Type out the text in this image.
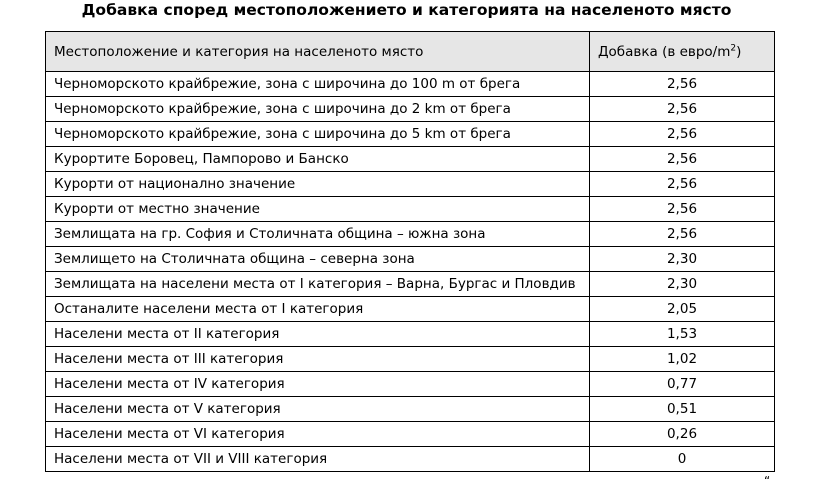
Добавка според местоположението и категорията на населеното място
Местоположение и категория на населеното място	Добавка (в евро/$m^2$)
Черноморското крайбрежие, зона с широчина до 100 m от брега	2,56
Черноморското крайбрежие, зона с широчина до 2 km от брега	2,56
Черноморското крайбрежие, зона с широчина до 5 km от брега	2,56
Курортите Боровец, Пампорово и Банско	2,56
Курорти от национално значение	2,56
Курорти от местно значение	2,56
Землищата на гр. София и Столичната община – южна зона	2,56
Землището на Столичната община – северна зона	2,30
Землищата на населени места от I категория – Варна, Бургас и Пловдив	2,30
Останалите населени места от I категория	2,05
Населени места от II категория	1,53
Населени места от III категория	1,02
Населени места от IV категория	0,77
Населени места от V категория	0,51
Населени места от VI категория	0,26
Населени места от VII и VIII категория	0
“
